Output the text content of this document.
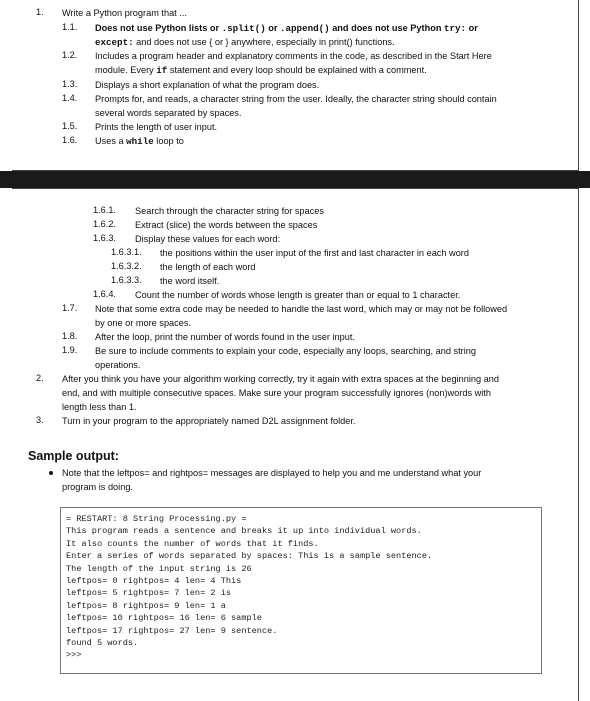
1. Write a Python program that ...
1.1. Does not use Python lists or .split() or .append() and does not use Python try: or
except: and does not use { or } anywhere, especially in print() functions.
1.2. Includes a program header and explanatory comments in the code, as described in the Start Here
module. Every if statement and every loop should be explained with a comment.
1.3. Displays a short explanation of what the program does.
1.4. Prompts for, and reads, a character string from the user. Ideally, the character string should contain
several words separated by spaces.
1.5. Prints the length of user input.
1.6. Uses a while loop to
1.6.1. Search through the character string for spaces
1.6.2. Extract (slice) the words between the spaces
1.6.3. Display these values for each word:
1.6.3.1. the positions within the user input of the first and last character in each word
1.6.3.2. the length of each word
1.6.3.3. the word itself.
1.6.4. Count the number of words whose length is greater than or equal to 1 character.
1.7. Note that some extra code may be needed to handle the last word, which may or may not be followed
by one or more spaces.
1.8. After the loop, print the number of words found in the user input.
1.9. Be sure to include comments to explain your code, especially any loops, searching, and string
operations.
2. After you think you have your algorithm working correctly, try it again with extra spaces at the beginning and
end, and with multiple consecutive spaces. Make sure your program successfully ignores (non)words with
length less than 1.
3. Turn in your program to the appropriately named D2L assignment folder.
Sample output:
Note that the leftpos= and rightpos= messages are displayed to help you and me understand what your
program is doing.
= RESTART: 8 String Processing.py =
This program reads a sentence and breaks it up into individual words.
It also counts the number of words that it finds.
Enter a series of words separated by spaces: This is a sample sentence.
The length of the input string is 26
leftpos= 0 rightpos= 4 len= 4 This
leftpos= 5 rightpos= 7 len= 2 is
leftpos= 8 rightpos= 9 len= 1 a
leftpos= 10 rightpos= 16 len= 6 sample
leftpos= 17 rightpos= 27 len= 9 sentence.
found 5 words.
>>>
